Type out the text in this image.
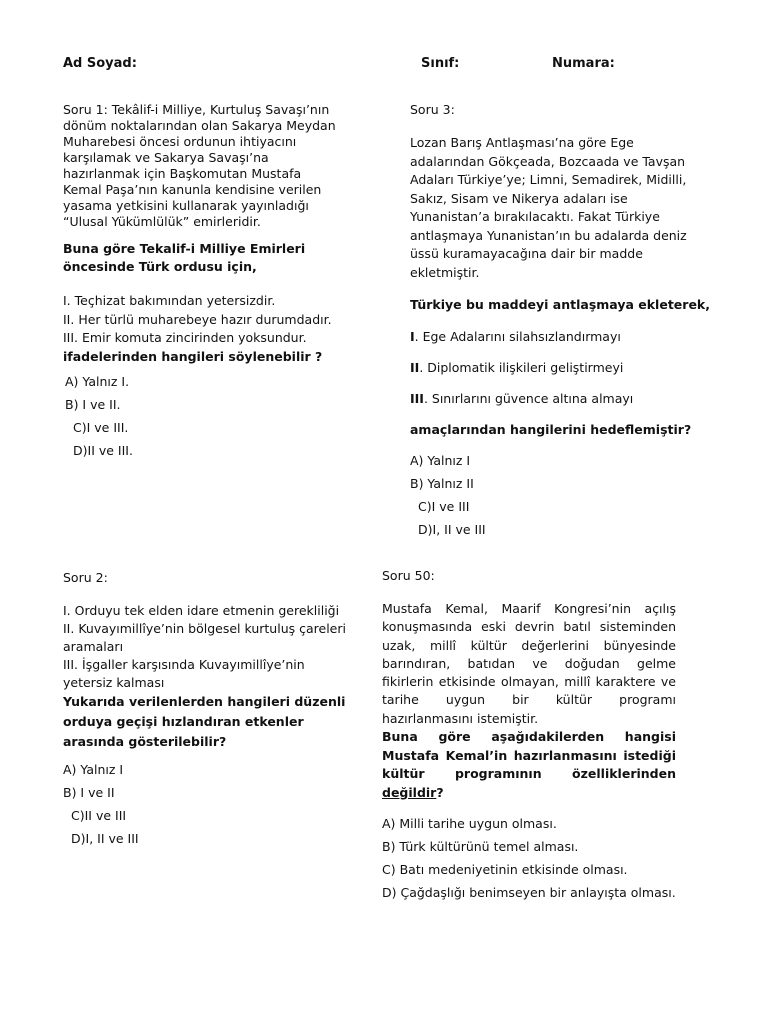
Ad Soyad:	Sınıf:	Numara:

Soru 1: Tekâlif-i Milliye, Kurtuluş Savaşı’nın dönüm noktalarından olan Sakarya Meydan Muharebesi öncesi ordunun ihtiyacını karşılamak ve Sakarya Savaşı’na hazırlanmak için Başkomutan Mustafa Kemal Paşa’nın kanunla kendisine verilen yasama yetkisini kullanarak yayınladığı “Ulusal Yükümlülük” emirleridir.

Buna göre Tekalif-i Milliye Emirleri

öncesinde Türk ordusu için,

I. Teçhizat bakımından yetersizdir.
II. Her türlü muharebeye hazır durumdadır.
III. Emir komuta zincirinden yoksundur.

ifadelerinden hangileri söylenebilir ?

A) Yalnız I.
B) I ve II.
C)I ve III.
D)II ve III.

Soru 3:

Lozan Barış Antlaşması’na göre Ege adalarından Gökçeada, Bozcaada ve Tavşan Adaları Türkiye’ye; Limni, Semadirek, Midilli, Sakız, Sisam ve Nikerya adaları ise Yunanistan’a bırakılacaktı. Fakat Türkiye antlaşmaya Yunanistan’ın bu adalarda deniz üssü kuramayacağına dair bir madde ekletmiştir.

Türkiye bu maddeyi antlaşmaya ekleterek,

I. Ege Adalarını silahsızlandırmayı

II. Diplomatik ilişkileri geliştirmeyi

III. Sınırlarını güvence altına almayı

amaçlarından hangilerini hedeflemiştir?

A) Yalnız I
B) Yalnız II
C)I ve III
D)I, II ve III

Soru 2:

I. Orduyu tek elden idare etmenin gerekliliği
II. Kuvayımillîye’nin bölgesel kurtuluş çareleri aramaları
III. İşgaller karşısında Kuvayımillîye’nin yetersiz kalması

Yukarıda verilenlerden hangileri düzenli orduya geçişi hızlandıran etkenler arasında gösterilebilir?

A) Yalnız I
B) I ve II
C)II ve III
D)I, II ve III

Soru 50:

Mustafa Kemal, Maarif Kongresi’nin açılış konuşmasında eski devrin batıl sisteminden uzak, millî kültür değerlerini bünyesinde barındıran, batıdan ve doğudan gelme fikirlerin etkisinde olmayan, millî karaktere ve tarihe uygun bir kültür programı hazırlanmasını istemiştir.

Buna göre aşağıdakilerden hangisi Mustafa Kemal’in hazırlanmasını istediği kültür programının özelliklerinden değildir?

A) Milli tarihe uygun olması.
B) Türk kültürünü temel alması.
C) Batı medeniyetinin etkisinde olması.
D) Çağdaşlığı benimseyen bir anlayışta olması.
